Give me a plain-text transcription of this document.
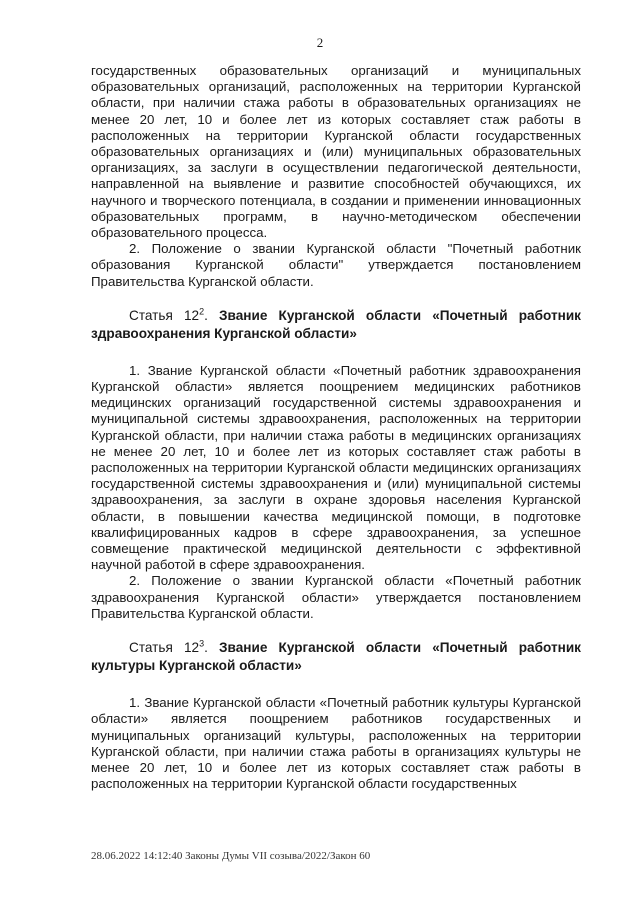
2

государственных образовательных организаций и муниципальных образовательных организаций, расположенных на территории Курганской области, при наличии стажа работы в образовательных организациях не менее 20 лет, 10 и более лет из которых составляет стаж работы в расположенных на территории Курганской области государственных образовательных организациях и (или) муниципальных образовательных организациях, за заслуги в осуществлении педагогической деятельности, направленной на выявление и развитие способностей обучающихся, их научного и творческого потенциала, в создании и применении инновационных образовательных программ, в научно-методическом обеспечении образовательного процесса.

2. Положение о звании Курганской области "Почетный работник образования Курганской области" утверждается постановлением Правительства Курганской области.

Статья $12^2$. Звание Курганской области «Почетный работник здравоохранения Курганской области»

1. Звание Курганской области «Почетный работник здравоохранения Курганской области» является поощрением медицинских работников медицинских организаций государственной системы здравоохранения и муниципальной системы здравоохранения, расположенных на территории Курганской области, при наличии стажа работы в медицинских организациях не менее 20 лет, 10 и более лет из которых составляет стаж работы в расположенных на территории Курганской области медицинских организациях государственной системы здравоохранения и (или) муниципальной системы здравоохранения, за заслуги в охране здоровья населения Курганской области, в повышении качества медицинской помощи, в подготовке квалифицированных кадров в сфере здравоохранения, за успешное совмещение практической медицинской деятельности с эффективной научной работой в сфере здравоохранения.

2. Положение о звании Курганской области «Почетный работник здравоохранения Курганской области» утверждается постановлением Правительства Курганской области.

Статья $12^3$. Звание Курганской области «Почетный работник культуры Курганской области»

1. Звание Курганской области «Почетный работник культуры Курганской области» является поощрением работников государственных и муниципальных организаций культуры, расположенных на территории Курганской области, при наличии стажа работы в организациях культуры не менее 20 лет, 10 и более лет из которых составляет стаж работы в расположенных на территории Курганской области государственных

28.06.2022 14:12:40 Законы Думы VII созыва/2022/Закон 60
